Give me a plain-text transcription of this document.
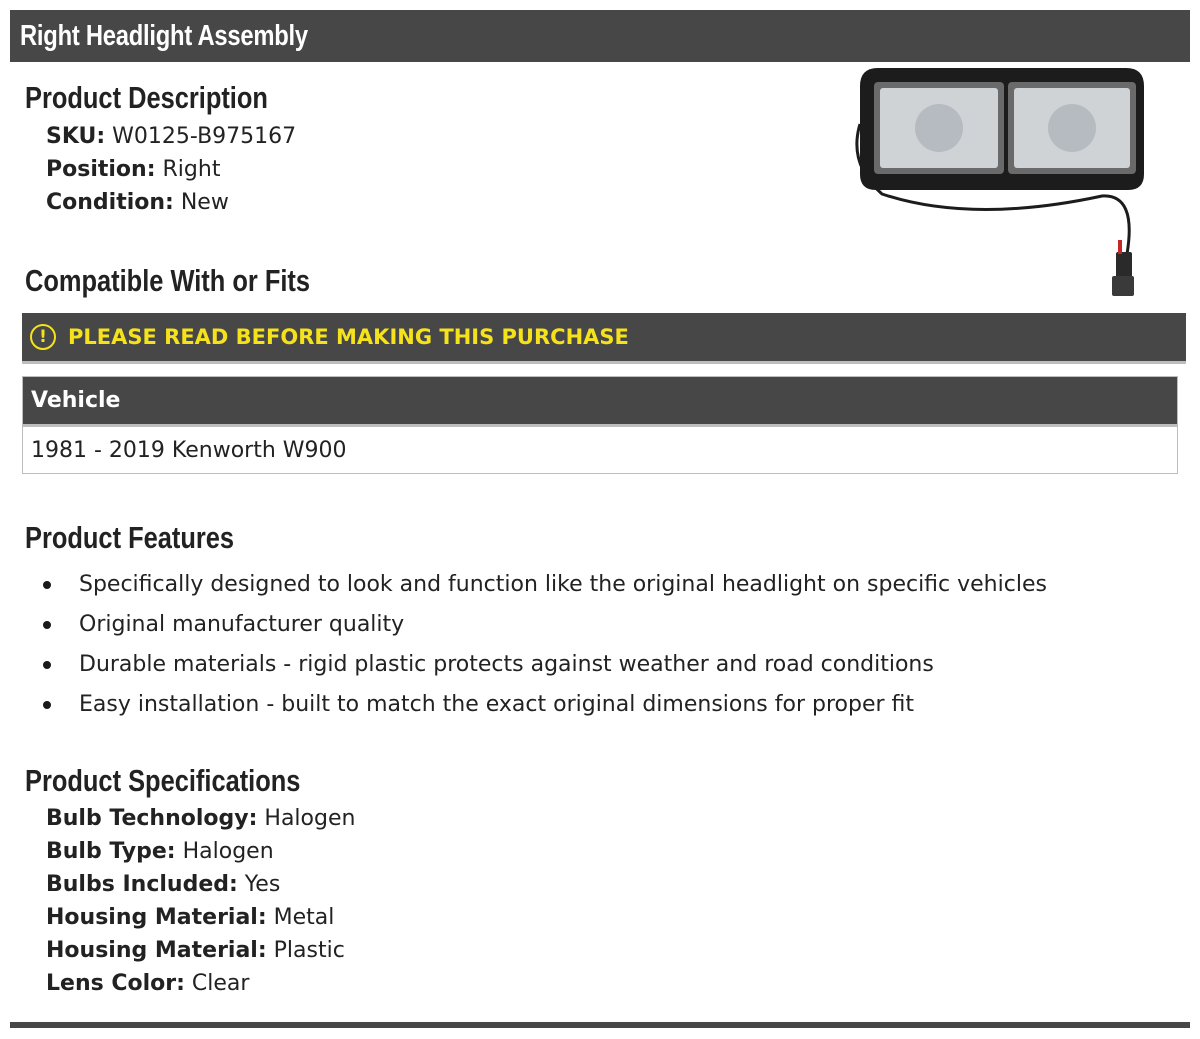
Right Headlight Assembly
Product Description
SKU: W0125-B975167
Position: Right
Condition: New
Compatible With or Fits
!	PLEASE READ BEFORE MAKING THIS PURCHASE
Vehicle
1981 - 2019 Kenworth W900
Product Features
Specifically designed to look and function like the original headlight on specific vehicles
Original manufacturer quality
Durable materials - rigid plastic protects against weather and road conditions
Easy installation - built to match the exact original dimensions for proper fit
Product Specifications
Bulb Technology: Halogen
Bulb Type: Halogen
Bulbs Included: Yes
Housing Material: Metal
Housing Material: Plastic
Lens Color: Clear
